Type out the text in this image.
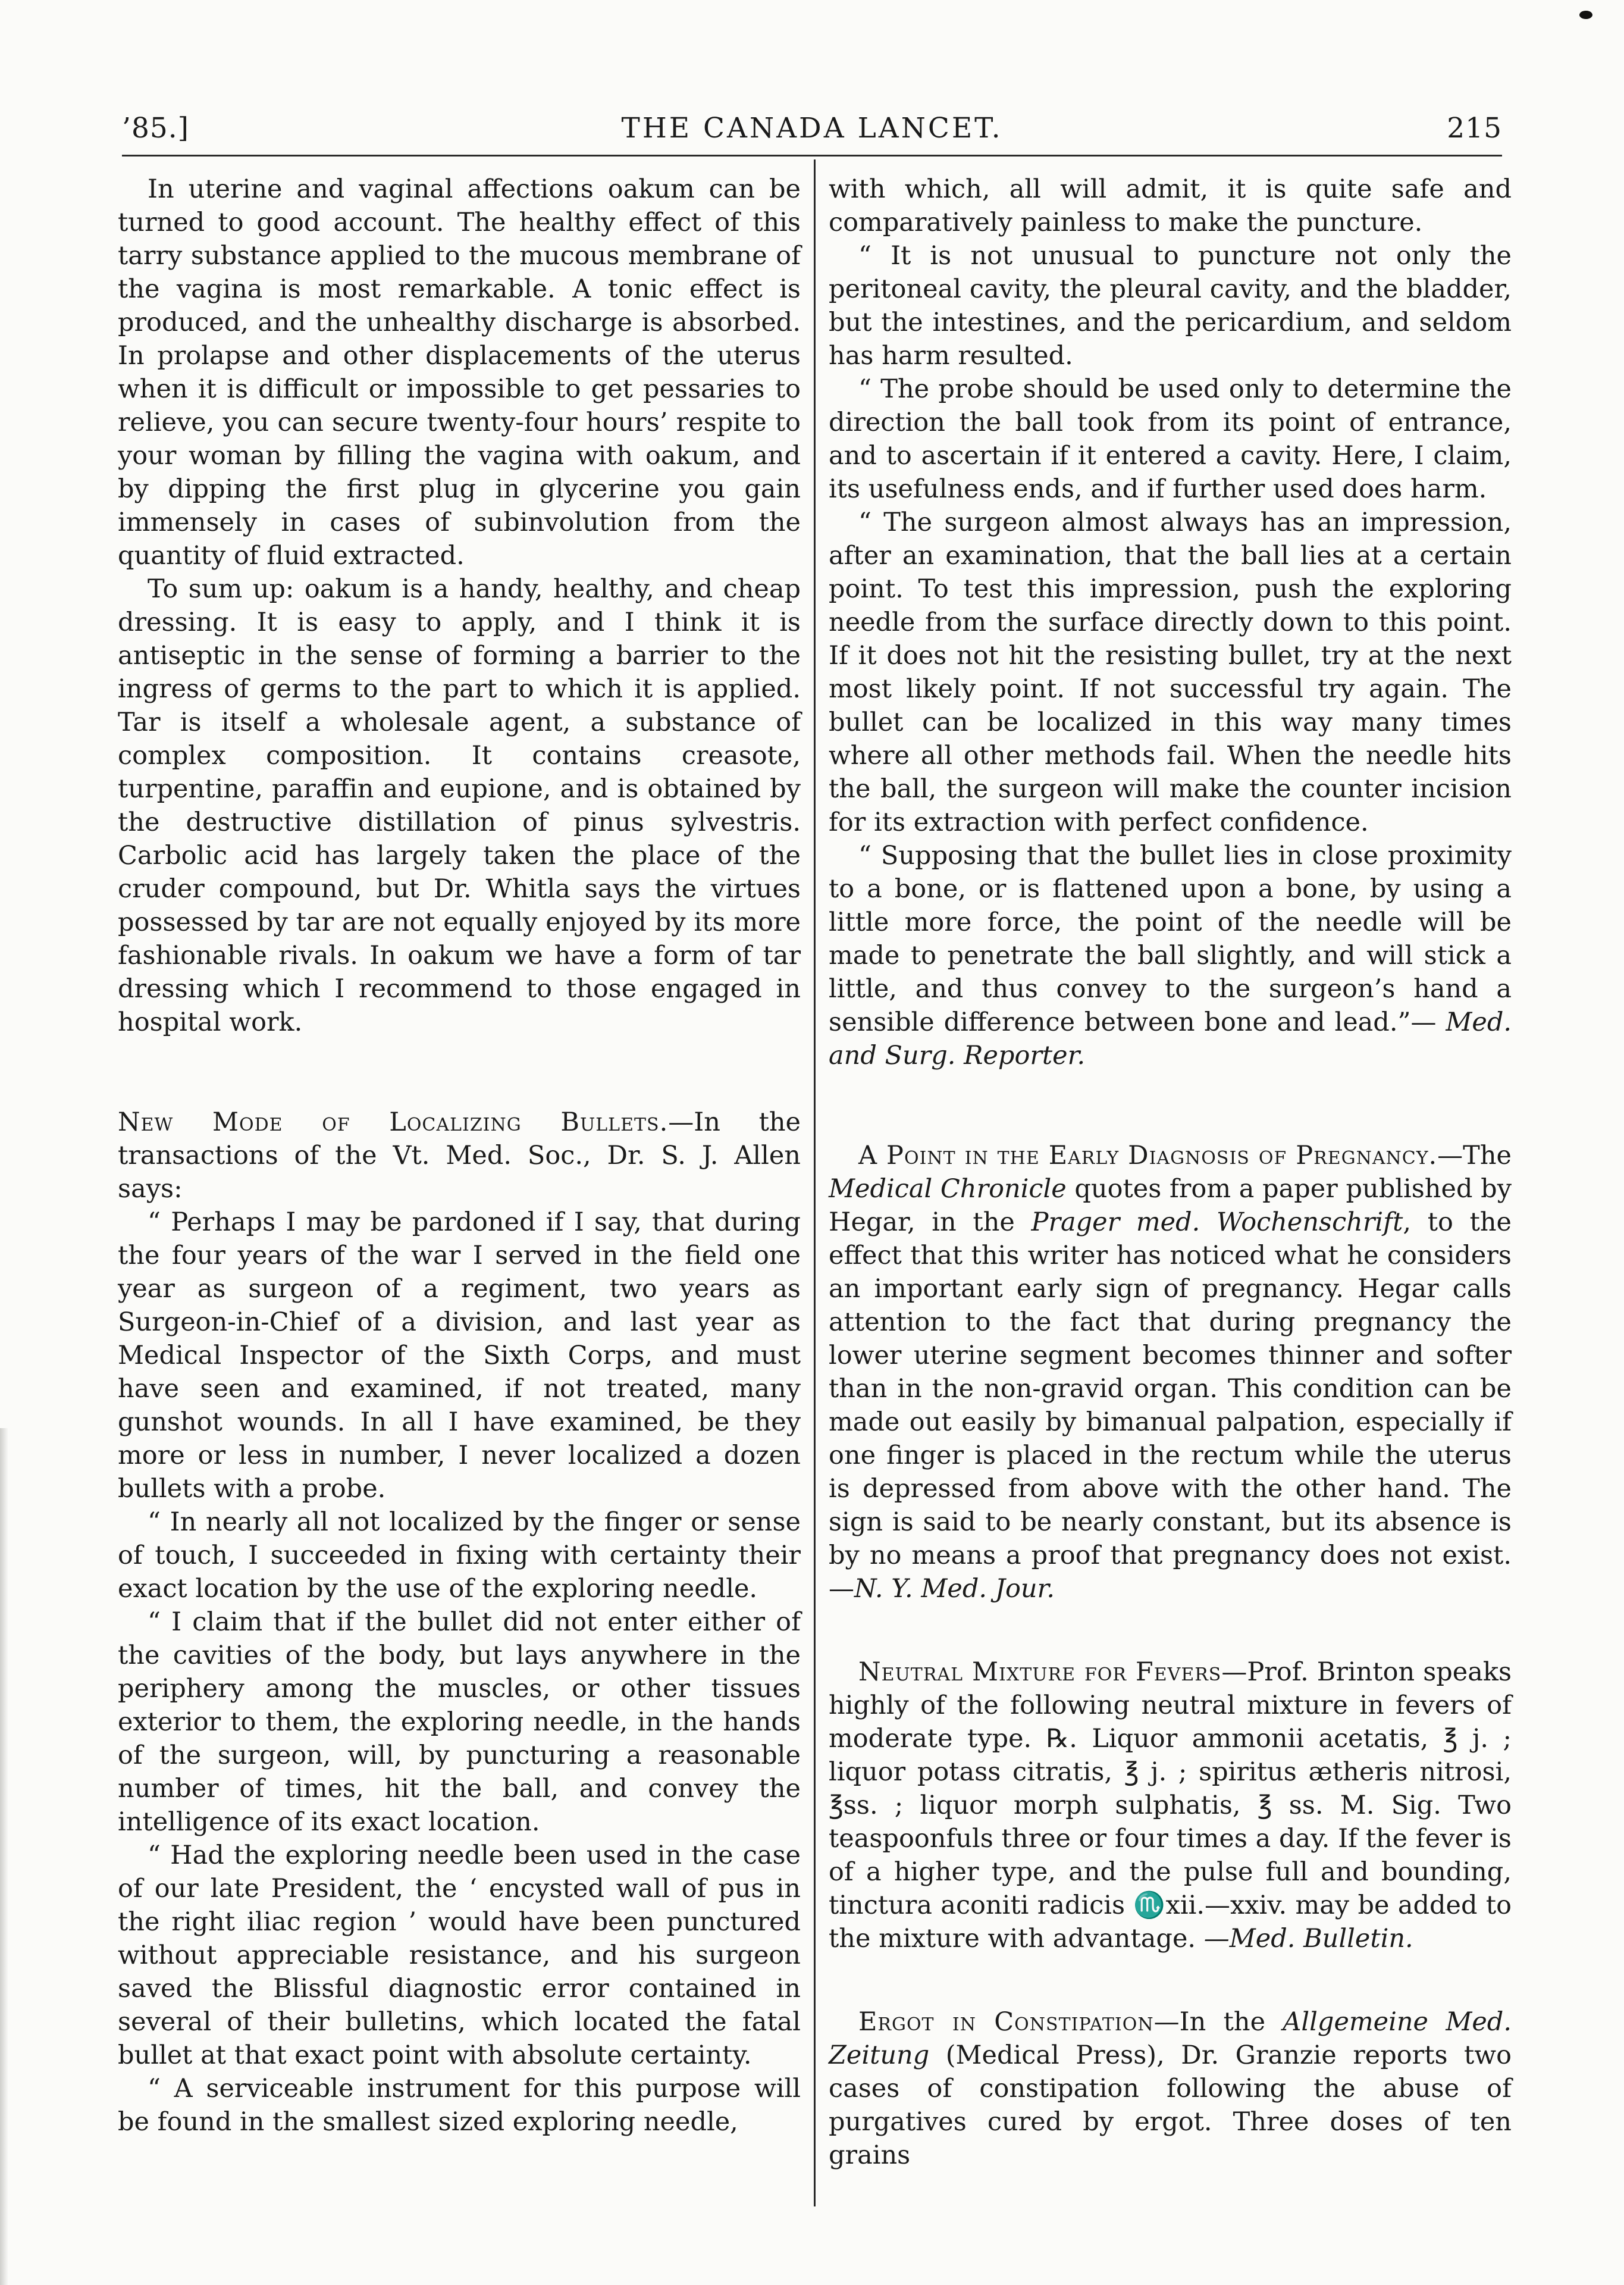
’85.]	THE CANADA LANCET.	215

In uterine and vaginal affections oakum can be turned to good account. The healthy effect of this tarry substance applied to the mucous membrane of the vagina is most remarkable. A tonic effect is produced, and the unhealthy discharge is absorbed. In prolapse and other displacements of the uterus when it is difficult or impossible to get pessaries to relieve, you can secure twenty-four hours’ respite to your woman by filling the vagina with oakum, and by dipping the first plug in glycerine you gain immensely in cases of subinvolution from the quantity of fluid extracted.

To sum up: oakum is a handy, healthy, and cheap dressing. It is easy to apply, and I think it is antiseptic in the sense of forming a barrier to the ingress of germs to the part to which it is applied. Tar is itself a wholesale agent, a substance of complex composition. It contains creasote, turpentine, paraffin and eupione, and is obtained by the destructive distillation of pinus sylvestris. Carbolic acid has largely taken the place of the cruder compound, but Dr. Whitla says the virtues possessed by tar are not equally enjoyed by its more fashionable rivals. In oakum we have a form of tar dressing which I recommend to those engaged in hospital work.

New Mode of Localizing Bullets.—In the transactions of the Vt. Med. Soc., Dr. S. J. Allen says:

“ Perhaps I may be pardoned if I say, that during the four years of the war I served in the field one year as surgeon of a regiment, two years as Surgeon-in-Chief of a division, and last year as Medical Inspector of the Sixth Corps, and must have seen and examined, if not treated, many gunshot wounds. In all I have examined, be they more or less in number, I never localized a dozen bullets with a probe.

“ In nearly all not localized by the finger or sense of touch, I succeeded in fixing with certainty their exact location by the use of the exploring needle.

“ I claim that if the bullet did not enter either of the cavities of the body, but lays anywhere in the periphery among the muscles, or other tissues exterior to them, the exploring needle, in the hands of the surgeon, will, by puncturing a reasonable number of times, hit the ball, and convey the intelligence of its exact location.

“ Had the exploring needle been used in the case of our late President, the ‘ encysted wall of pus in the right iliac region ’ would have been punctured without appreciable resistance, and his surgeon saved the Blissful diagnostic error contained in several of their bulletins, which located the fatal bullet at that exact point with absolute certainty.

“ A serviceable instrument for this purpose will be found in the smallest sized exploring needle,

with which, all will admit, it is quite safe and comparatively painless to make the puncture.

“ It is not unusual to puncture not only the peritoneal cavity, the pleural cavity, and the bladder, but the intestines, and the pericardium, and seldom has harm resulted.

“ The probe should be used only to determine the direction the ball took from its point of entrance, and to ascertain if it entered a cavity. Here, I claim, its usefulness ends, and if further used does harm.

“ The surgeon almost always has an impression, after an examination, that the ball lies at a certain point. To test this impression, push the exploring needle from the surface directly down to this point. If it does not hit the resisting bullet, try at the next most likely point. If not successful try again. The bullet can be localized in this way many times where all other methods fail. When the needle hits the ball, the surgeon will make the counter incision for its extraction with perfect confidence.

“ Supposing that the bullet lies in close proximity to a bone, or is flattened upon a bone, by using a little more force, the point of the needle will be made to penetrate the ball slightly, and will stick a little, and thus convey to the surgeon’s hand a sensible difference between bone and lead.”— Med. and Surg. Reporter.

A Point in the Early Diagnosis of Pregnancy.—The Medical Chronicle quotes from a paper published by Hegar, in the Prager med. Wochenschrift, to the effect that this writer has noticed what he considers an important early sign of pregnancy. Hegar calls attention to the fact that during pregnancy the lower uterine segment becomes thinner and softer than in the non-gravid organ. This condition can be made out easily by bimanual palpation, especially if one finger is placed in the rectum while the uterus is depressed from above with the other hand. The sign is said to be nearly constant, but its absence is by no means a proof that pregnancy does not exist.—N. Y. Med. Jour.

Neutral Mixture for Fevers—Prof. Brinton speaks highly of the following neutral mixture in fevers of moderate type. ℞. Liquor ammonii acetatis, ℥ j. ; liquor potass citratis, ℥ j. ; spiritus ætheris nitrosi, ℥ss. ; liquor morph sulphatis, ℥ ss. M. Sig. Two teaspoonfuls three or four times a day. If the fever is of a higher type, and the pulse full and bounding, tinctura aconiti radicis ♏xii.—xxiv. may be added to the mixture with advantage. —Med. Bulletin.

Ergot in Constipation—In the Allgemeine Med. Zeitung (Medical Press), Dr. Granzie reports two cases of constipation following the abuse of purgatives cured by ergot. Three doses of ten grains
